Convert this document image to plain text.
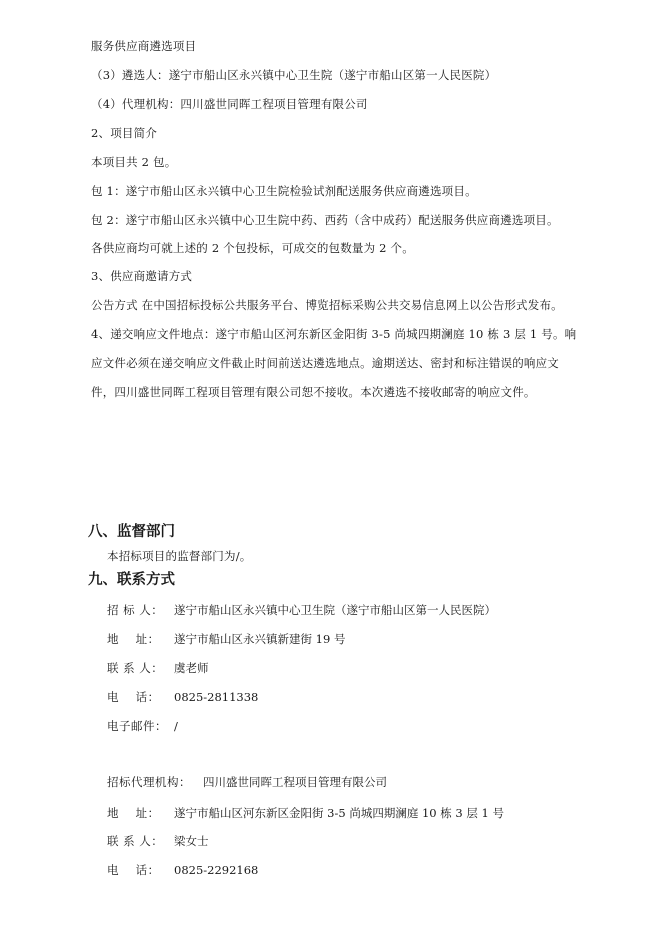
服务供应商遴选项目
（3）遴选人：遂宁市船山区永兴镇中心卫生院（遂宁市船山区第一人民医院）
（4）代理机构：四川盛世同晖工程项目管理有限公司
2、项目简介
本项目共 2 包。
包 1：遂宁市船山区永兴镇中心卫生院检验试剂配送服务供应商遴选项目。
包 2：遂宁市船山区永兴镇中心卫生院中药、西药（含中成药）配送服务供应商遴选项目。
各供应商均可就上述的 2 个包投标，可成交的包数量为 2 个。
3、供应商邀请方式
公告方式 在中国招标投标公共服务平台、博览招标采购公共交易信息网上以公告形式发布。
4、递交响应文件地点：遂宁市船山区河东新区金阳街 3-5 尚城四期澜庭 10 栋 3 层 1 号。响
应文件必须在递交响应文件截止时间前送达遴选地点。逾期送达、密封和标注错误的响应文
件，四川盛世同晖工程项目管理有限公司恕不接收。本次遴选不接收邮寄的响应文件。
八、监督部门
本招标项目的监督部门为/。
九、联系方式
招 标 人： 遂宁市船山区永兴镇中心卫生院（遂宁市船山区第一人民医院）
地    址： 遂宁市船山区永兴镇新建街 19 号
联 系 人： 虞老师
电    话： 0825-2811338
电子邮件： /
招标代理机构： 四川盛世同晖工程项目管理有限公司
地    址： 遂宁市船山区河东新区金阳街 3-5 尚城四期澜庭 10 栋 3 层 1 号
联 系 人： 梁女士
电    话： 0825-2292168
